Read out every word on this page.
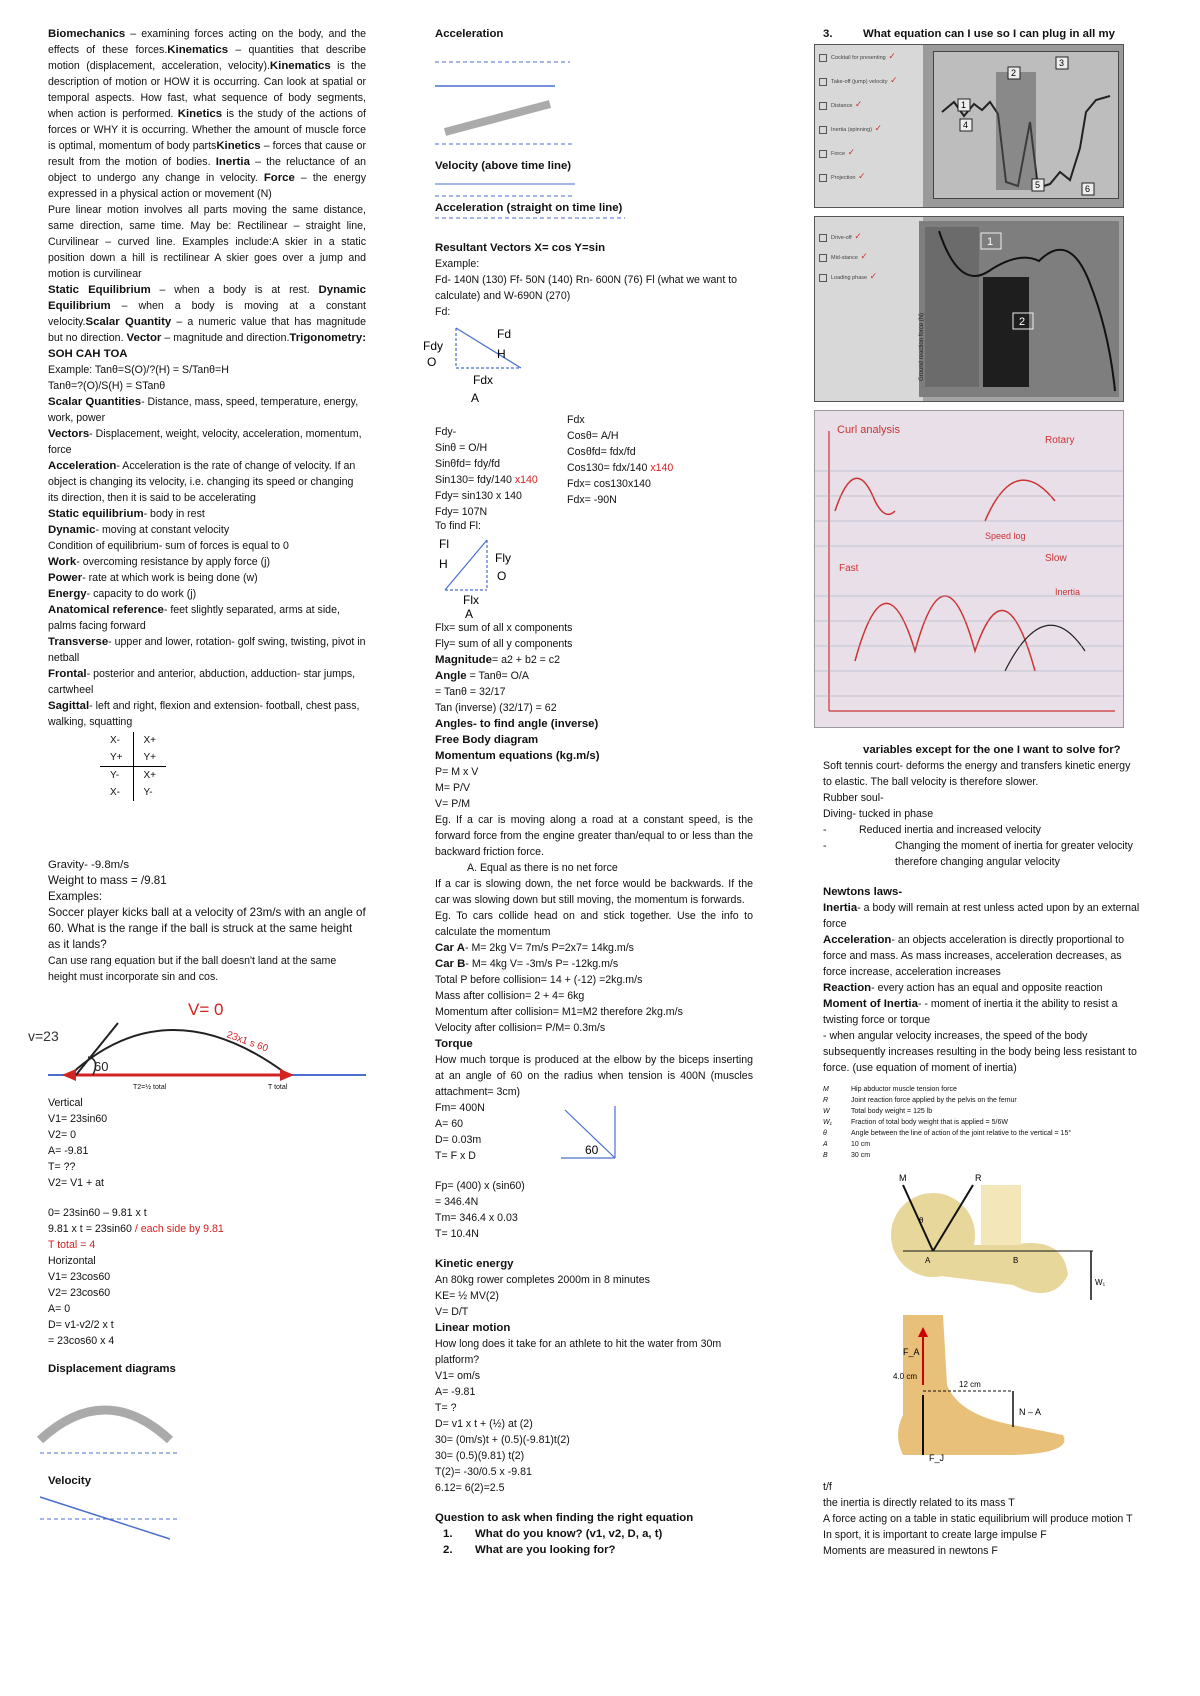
Biomechanics – examining forces acting on the body, and the effects of these forces.Kinematics – quantities that describe motion (displacement, acceleration, velocity).Kinematics is the description of motion or HOW it is occurring. Can look at spatial or temporal aspects. How fast, what sequence of body segments, when action is performed. Kinetics is the study of the actions of forces or WHY it is occurring. Whether the amount of muscle force is optimal, momentum of body partsKinetics – forces that cause or result from the motion of bodies. Inertia – the reluctance of an object to undergo any change in velocity. Force – the energy expressed in a physical action or movement (N)

Pure linear motion involves all parts moving the same distance, same direction, same time. May be: Rectilinear – straight line, Curvilinear – curved line. Examples include:A skier in a static position down a hill is rectilinear A skier goes over a jump and motion is curvilinear

Static Equilibrium – when a body is at rest. Dynamic Equilibrium – when a body is moving at a constant velocity.Scalar Quantity – a numeric value that has magnitude but no direction. Vector – magnitude and direction.Trigonometry: SOH CAH TOA

Example: Tanθ=S(O)/?(H) = S/Tanθ=H

Tanθ=?(O)/S(H) = STanθ

Scalar Quantities- Distance, mass, speed, temperature, energy, work, power

Vectors- Displacement, weight, velocity, acceleration, momentum, force

Acceleration- Acceleration is the rate of change of velocity. If an object is changing its velocity, i.e. changing its speed or changing its direction, then it is said to be accelerating

Static equilibrium- body in rest

Dynamic- moving at constant velocity

Condition of equilibrium- sum of forces is equal to 0

Work- overcoming resistance by apply force (j)

Power- rate at which work is being done (w)

Energy- capacity to do work (j)

Anatomical reference- feet slightly separated, arms at side, palms facing forward

Transverse- upper and lower, rotation- golf swing, twisting, pivot in netball

Frontal- posterior and anterior, abduction, adduction- star jumps, cartwheel

Sagittal- left and right, flexion and extension- football, chest pass, walking, squatting

X-	X+
Y+	Y+
Y-	X+
X-	Y-

Gravity- -9.8m/s

Weight to mass = /9.81

Examples:

Soccer player kicks ball at a velocity of 23m/s with an angle of 60. What is the range if the ball is struck at the same height as it lands?

Can use rang equation but if the ball doesn't land at the same height must incorporate sin and cos.

V= 0
v=23
60
23x1 s 60
T2=½ total	T total

Vertical

V1= 23sin60

V2= 0

A= -9.81

T= ??

V2= V1 + at

0= 23sin60 – 9.81 x t

9.81 x t = 23sin60 / each side by 9.81

T total = 4

Horizontal

V1= 23cos60

V2= 23cos60

A= 0

D= v1-v2/2 x t

= 23cos60 x 4

Displacement diagrams

Velocity

Acceleration

Velocity (above time line)

Acceleration (straight on time line)

Resultant Vectors X= cos Y=sin

Example:

Fd- 140N (130) Ff- 50N (140) Rn- 600N (76) Fl (what we want to calculate) and W-690N (270)

Fd:

Fd
Fdy
O
H
Fdx
A

Fdy-

Sinθ = O/H

Sinθfd= fdy/fd

Sin130= fdy/140 x140

Fdy= sin130 x 140

Fdy= 107N

Fdx

Cosθ= A/H

Cosθfd= fdx/fd

Cos130= fdx/140 x140

Fdx= cos130x140

Fdx= -90N

To find Fl:

Fl
H	Fly
O
Flx
A

Flx= sum of all x components

Fly= sum of all y components

Magnitude= a2 + b2 = c2

Angle = Tanθ= O/A

= Tanθ = 32/17

Tan (inverse) (32/17) = 62

Angles- to find angle (inverse)

Free Body diagram

Momentum equations (kg.m/s)

P= M x V

M= P/V

V= P/M

Eg. If a car is moving along a road at a constant speed, is the forward force from the engine greater than/equal to or less than the backward friction force.

A. Equal as there is no net force

If a car is slowing down, the net force would be backwards. If the car was slowing down but still moving, the momentum is forwards.

Eg. To cars collide head on and stick together. Use the info to calculate the momentum

Car A- M= 2kg V= 7m/s P=2x7= 14kg.m/s

Car B- M= 4kg V= -3m/s P= -12kg.m/s

Total P before collision= 14 + (-12) =2kg.m/s

Mass after collision= 2 + 4= 6kg

Momentum after collision= M1=M2 therefore 2kg.m/s

Velocity after collision= P/M= 0.3m/s

Torque

How much torque is produced at the elbow by the biceps inserting at an angle of 60 on the radius when tension is 400N (muscles attachment= 3cm)

Fm= 400N

A= 60

D= 0.03m

T= F x D	60

Fp= (400) x (sin60)

= 346.4N

Tm= 346.4 x 0.03

T= 10.4N

Kinetic energy

An 80kg rower completes 2000m in 8 minutes

KE= ½ MV(2)

V= D/T

Linear motion

How long does it take for an athlete to hit the water from 30m platform?

V1= om/s

A= -9.81

T= ?

D= v1 x t + (½) at (2)

30= (0m/s)t + (0.5)(-9.81)t(2)

30= (0.5)(9.81) t(2)

T(2)= -30/0.5 x -9.81

6.12= 6(2)=2.5

Question to ask when finding the right equation

1. What do you know? (v1, v2, D, a, t)

2. What are you looking for?

3.	What equation can I use so I can plug in all my

Cocktail for presenting ✓
Take-off (jump) velocity ✓
Distance ✓
Inertia (spinning) ✓
Force ✓
Projection ✓
1
2
3
4
5	6
Drive-off ✓
Mid-stance ✓
Loading phase ✓
1
2
Ground reaction force (N)
Curl analysis
Rotary
Fast
Slow
Inertia
Speed log

variables except for the one I want to solve for?

Soft tennis court- deforms the energy and transfers kinetic energy to elastic. The ball velocity is therefore slower.

Rubber soul-

Diving- tucked in phase

-	Reduced inertia and increased velocity

-	Changing the moment of inertia for greater velocity therefore changing angular velocity

Newtons laws-

Inertia- a body will remain at rest unless acted upon by an external force

Acceleration- an objects acceleration is directly proportional to force and mass. As mass increases, acceleration decreases, as force increase, acceleration increases

Reaction- every action has an equal and opposite reaction

Moment of Inertia- - moment of inertia it the ability to resist a twisting force or torque

- when angular velocity increases, the speed of the body subsequently increases resulting in the body being less resistant to force. (use equation of moment of inertia)

M	Hip abductor muscle tension force
R	Joint reaction force applied by the pelvis on the femur
W	Total body weight = 125 lb
W₁	Fraction of total body weight that is applied = 5/6W
θ	Angle between the line of action of the joint relative to the vertical = 15°
A	10 cm
B	30 cm
M	R
A	B
W₁
θ
F_A
F_J
4.0 cm
12 cm
N – A

t/f

the inertia is directly related to its mass T

A force acting on a table in static equilibrium will produce motion T

In sport, it is important to create large impulse F

Moments are measured in newtons F
